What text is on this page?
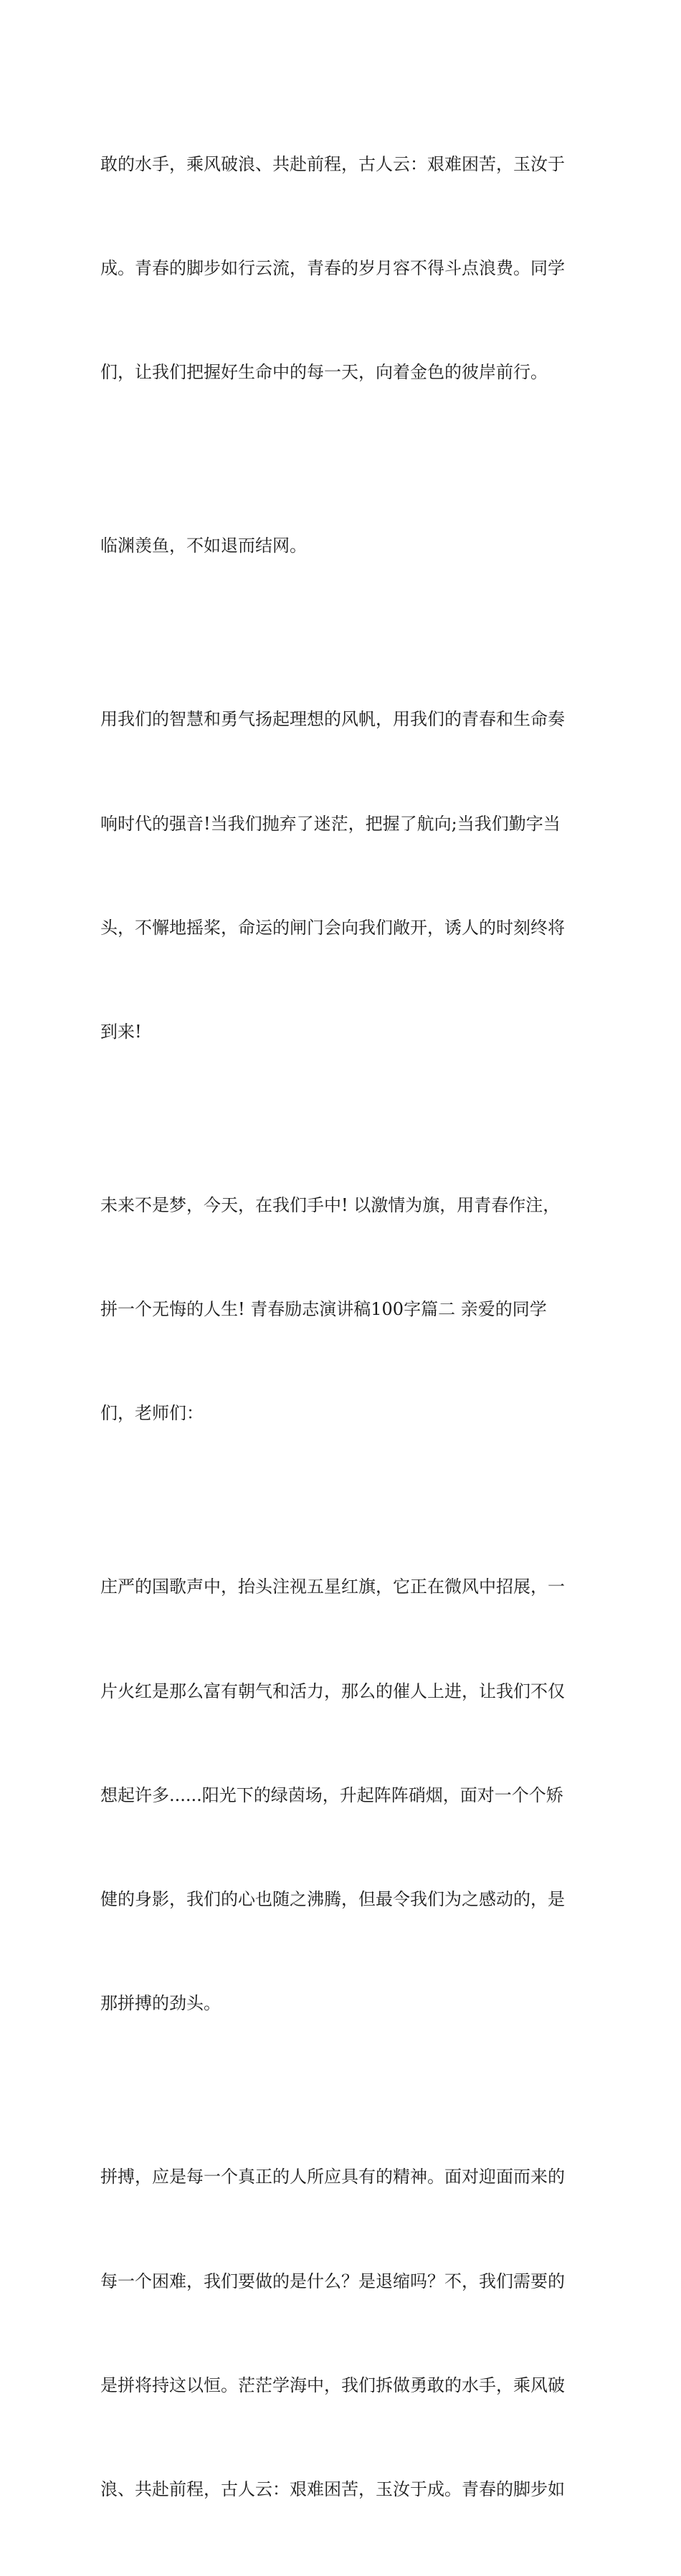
敢的水手，乘风破浪、共赴前程，古人云：艰难困苦，玉汝于

成。青春的脚步如行云流，青春的岁月容不得斗点浪费。同学

们，让我们把握好生命中的每一天，向着金色的彼岸前行。

临渊羡鱼，不如退而结网。

用我们的智慧和勇气扬起理想的风帆，用我们的青春和生命奏

响时代的强音!当我们抛弃了迷茫，把握了航向;当我们勤字当

头，不懈地摇桨，命运的闸门会向我们敞开，诱人的时刻终将

到来!

未来不是梦，今天，在我们手中! 以激情为旗，用青春作注，

拼一个无悔的人生! 青春励志演讲稿100字篇二 亲爱的同学

们，老师们：

庄严的国歌声中，抬头注视五星红旗，它正在微风中招展，一

片火红是那么富有朝气和活力，那么的催人上进，让我们不仅

想起许多......阳光下的绿茵场，升起阵阵硝烟，面对一个个矫

健的身影，我们的心也随之沸腾，但最令我们为之感动的，是

那拼搏的劲头。

拼搏，应是每一个真正的人所应具有的精神。面对迎面而来的

每一个困难，我们要做的是什么？是退缩吗？不，我们需要的

是拼将持这以恒。茫茫学海中，我们拆做勇敢的水手，乘风破

浪、共赴前程，古人云：艰难困苦，玉汝于成。青春的脚步如
